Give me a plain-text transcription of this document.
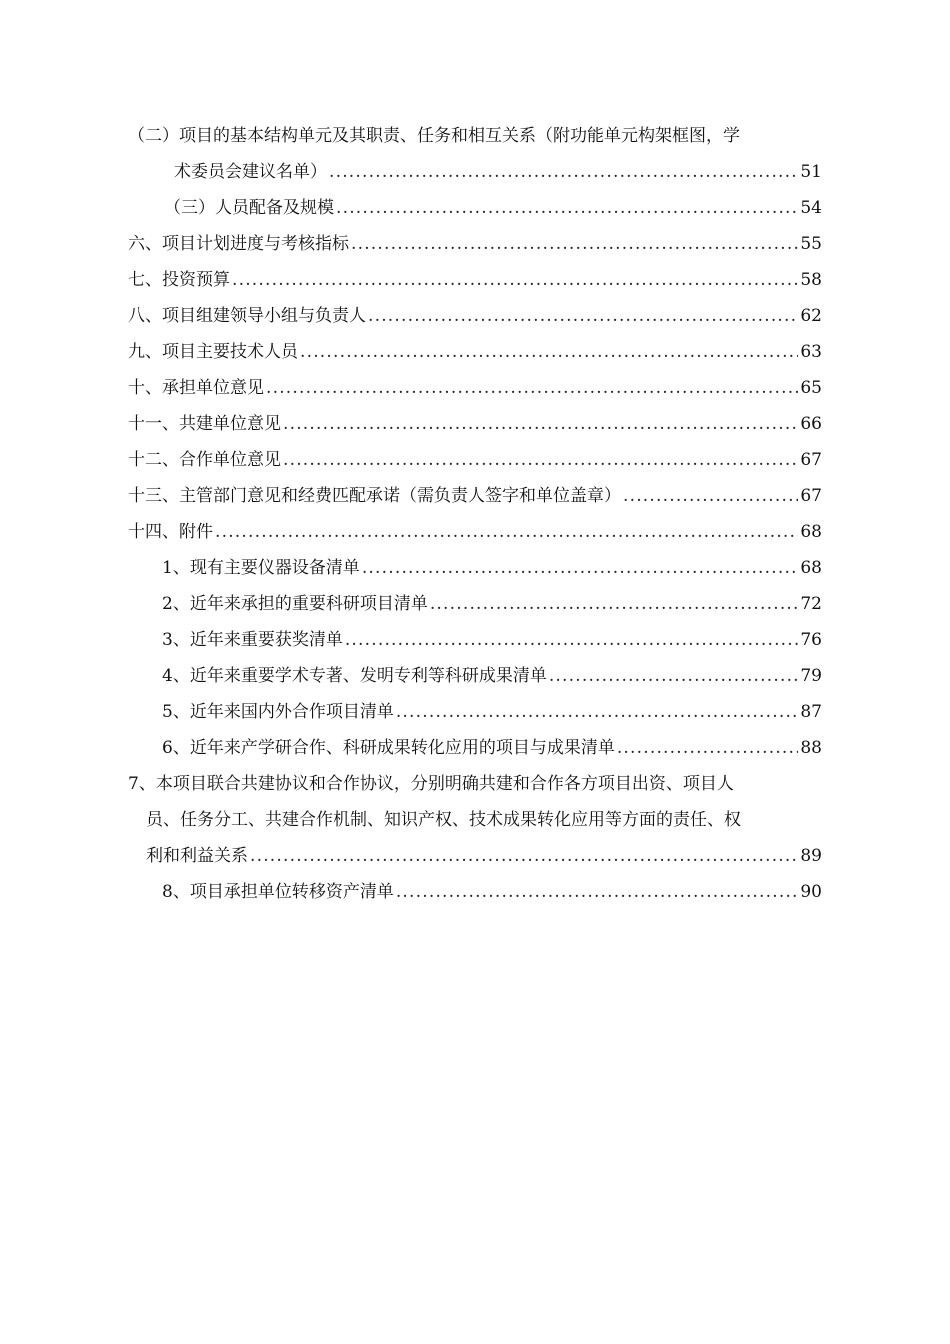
（二）项目的基本结构单元及其职责、任务和相互关系（附功能单元构架框图，学
术委员会建议名单） .....	51
（三）人员配备及规模 .....	54
六、项目计划进度与考核指标 .....	55
七、投资预算 .....	58
八、项目组建领导小组与负责人 .....	62
九、项目主要技术人员 .....	63
十、承担单位意见 .....	65
十一、共建单位意见 .....	66
十二、合作单位意见 .....	67
十三、主管部门意见和经费匹配承诺（需负责人签字和单位盖章） .....	67
十四、附件 .....	68
1、现有主要仪器设备清单 .....	68
2、近年来承担的重要科研项目清单 .....	72
3、近年来重要获奖清单 .....	76
4、近年来重要学术专著、发明专利等科研成果清单 .....	79
5、近年来国内外合作项目清单 .....	87
6、近年来产学研合作、科研成果转化应用的项目与成果清单 .....	88
7、本项目联合共建协议和合作协议，分别明确共建和合作各方项目出资、项目人
员、任务分工、共建合作机制、知识产权、技术成果转化应用等方面的责任、权
利和利益关系 .....	89
8、项目承担单位转移资产清单 .....	90
